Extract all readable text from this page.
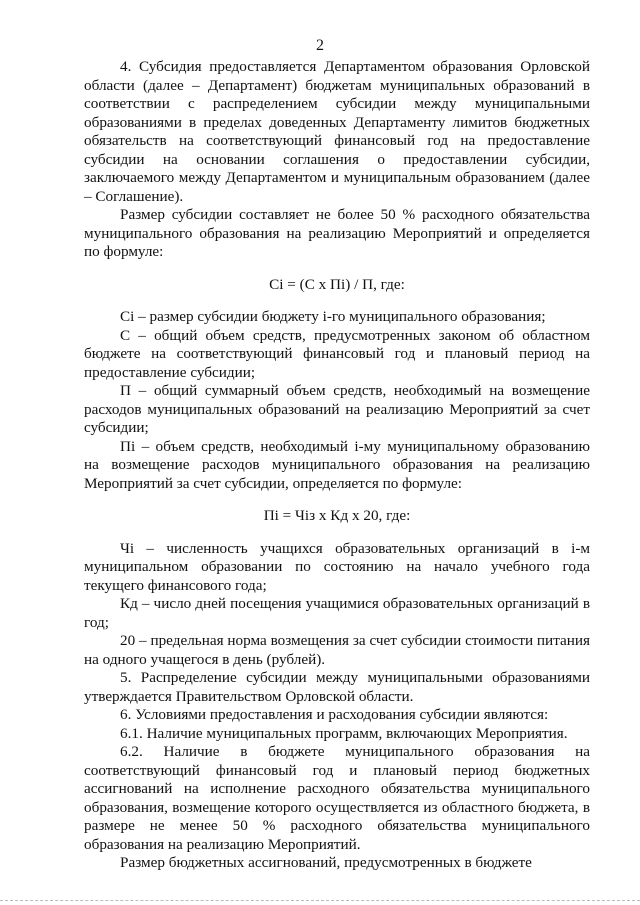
2

4. Субсидия предоставляется Департаментом образования Орловской области (далее – Департамент) бюджетам муниципальных образований в соответствии с распределением субсидии между муниципальными образованиями в пределах доведенных Департаменту лимитов бюджетных обязательств на соответствующий финансовый год на предоставление субсидии на основании соглашения о предоставлении субсидии, заключаемого между Департаментом и муниципальным образованием (далее – Соглашение).

Размер субсидии составляет не более 50 % расходного обязательства муниципального образования на реализацию Мероприятий и определяется по формуле:

Ci = (C x Пi) / П, где:

Ci – размер субсидии бюджету i-го муниципального образования;

C – общий объем средств, предусмотренных законом об областном бюджете на соответствующий финансовый год и плановый период на предоставление субсидии;

П – общий суммарный объем средств, необходимый на возмещение расходов муниципальных образований на реализацию Мероприятий за счет субсидии;

Пi – объем средств, необходимый i-му муниципальному образованию на возмещение расходов муниципального образования на реализацию Мероприятий за счет субсидии, определяется по формуле:

Пi = Чiз х Кд х 20, где:

Чi – численность учащихся образовательных организаций в i-м муниципальном образовании по состоянию на начало учебного года текущего финансового года;

Кд – число дней посещения учащимися образовательных организаций в год;

20 – предельная норма возмещения за счет субсидии стоимости питания на одного учащегося в день (рублей).

5. Распределение субсидии между муниципальными образованиями утверждается Правительством Орловской области.

6. Условиями предоставления и расходования субсидии являются:

6.1. Наличие муниципальных программ, включающих Мероприятия.

6.2. Наличие в бюджете муниципального образования на соответствующий финансовый год и плановый период бюджетных ассигнований на исполнение расходного обязательства муниципального образования, возмещение которого осуществляется из областного бюджета, в размере не менее 50 % расходного обязательства муниципального образования на реализацию Мероприятий.

Размер бюджетных ассигнований, предусмотренных в бюджете
